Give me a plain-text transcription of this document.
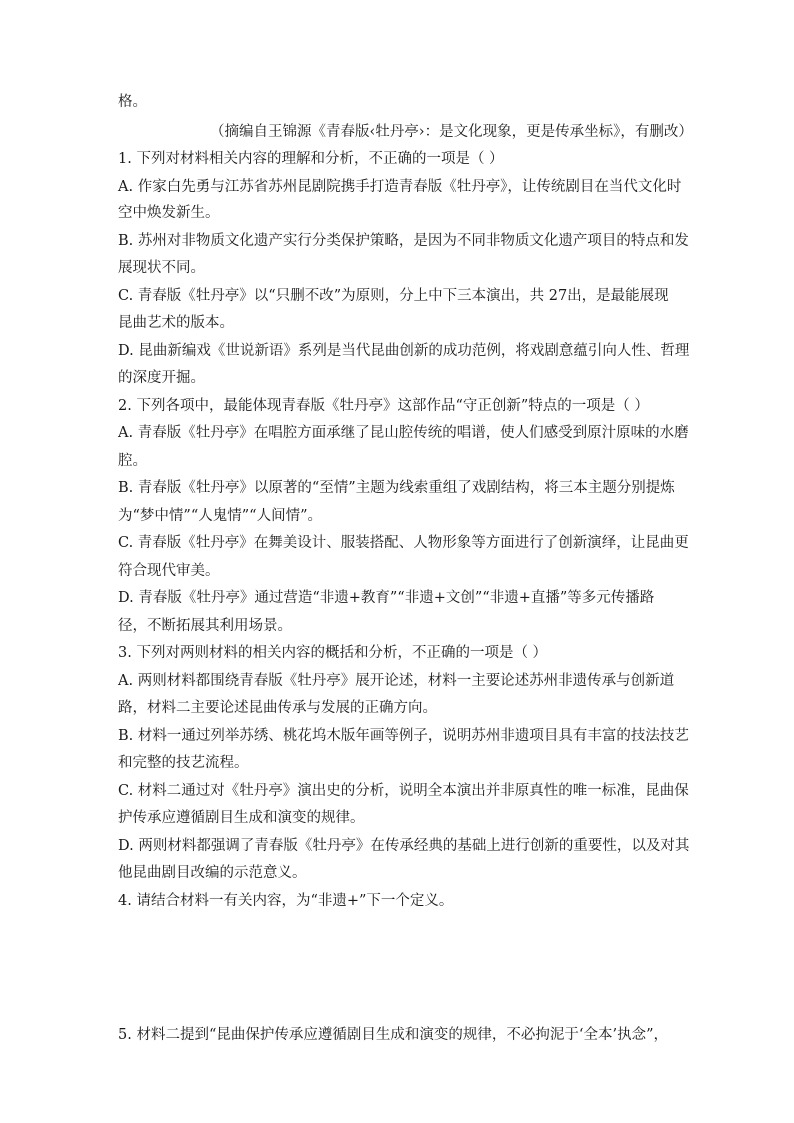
格。
（摘编自王锦源《青春版‹牡丹亭›：是文化现象，更是传承坐标》，有删改）
1. 下列对材料相关内容的理解和分析，不正确的一项是（ ）
A. 作家白先勇与江苏省苏州昆剧院携手打造青春版《牡丹亭》，让传统剧目在当代文化时
空中焕发新生。
B. 苏州对非物质文化遗产实行分类保护策略，是因为不同非物质文化遗产项目的特点和发
展现状不同。
C. 青春版《牡丹亭》以“只删不改”为原则，分上中下三本演出，共 27出，是最能展现
昆曲艺术的版本。
D. 昆曲新编戏《世说新语》系列是当代昆曲创新的成功范例，将戏剧意蕴引向人性、哲理
的深度开掘。
2. 下列各项中，最能体现青春版《牡丹亭》这部作品“守正创新”特点的一项是（ ）
A. 青春版《牡丹亭》在唱腔方面承继了昆山腔传统的唱谱，使人们感受到原汁原味的水磨
腔。
B. 青春版《牡丹亭》以原著的“至情”主题为线索重组了戏剧结构，将三本主题分别提炼
为“梦中情”“人鬼情”“人间情”。
C. 青春版《牡丹亭》在舞美设计、服装搭配、人物形象等方面进行了创新演绎，让昆曲更
符合现代审美。
D. 青春版《牡丹亭》通过营造“非遗+教育”“非遗+文创”“非遗+直播”等多元传播路
径，不断拓展其利用场景。
3. 下列对两则材料的相关内容的概括和分析，不正确的一项是（ ）
A. 两则材料都围绕青春版《牡丹亭》展开论述，材料一主要论述苏州非遗传承与创新道
路，材料二主要论述昆曲传承与发展的正确方向。
B. 材料一通过列举苏绣、桃花坞木版年画等例子，说明苏州非遗项目具有丰富的技法技艺
和完整的技艺流程。
C. 材料二通过对《牡丹亭》演出史的分析，说明全本演出并非原真性的唯一标准，昆曲保
护传承应遵循剧目生成和演变的规律。
D. 两则材料都强调了青春版《牡丹亭》在传承经典的基础上进行创新的重要性，以及对其
他昆曲剧目改编的示范意义。
4. 请结合材料一有关内容，为“非遗+”下一个定义。
5. 材料二提到“昆曲保护传承应遵循剧目生成和演变的规律，不必拘泥于‘全本’执念”，
